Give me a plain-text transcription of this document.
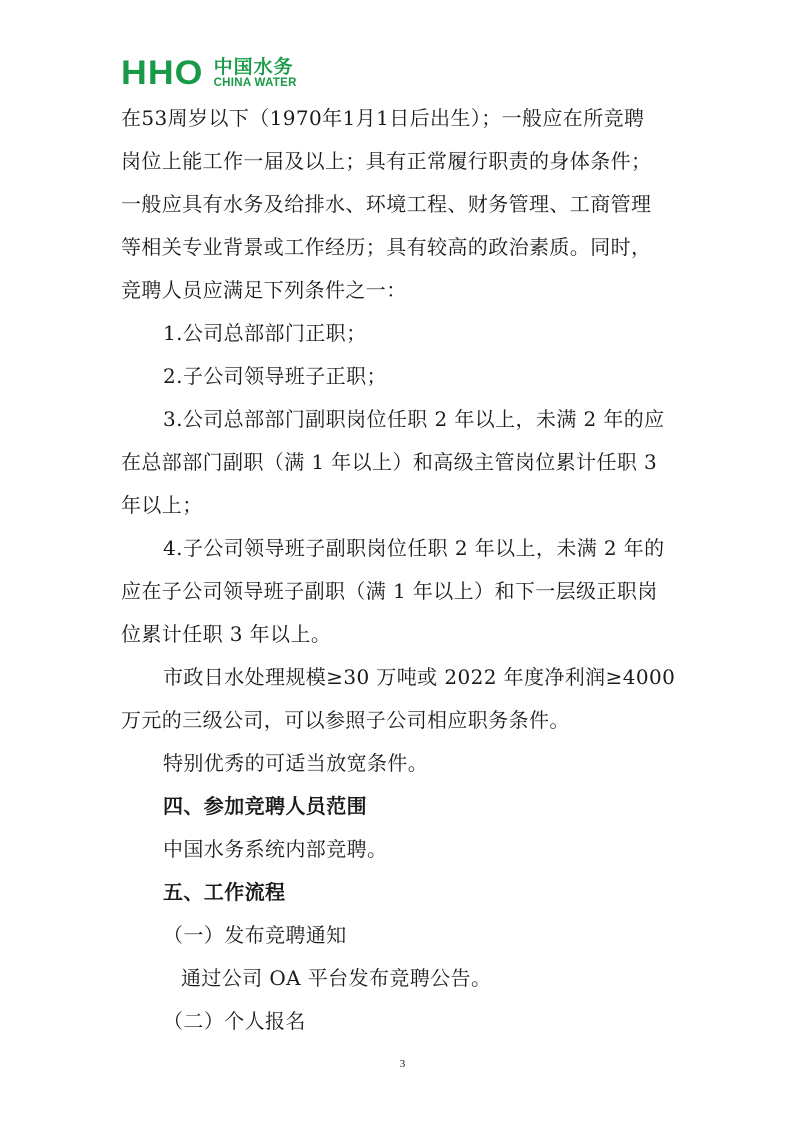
HHO 中国水务
CHINA WATER
在53周岁以下（1970年1月1日后出生）；一般应在所竞聘
岗位上能工作一届及以上；具有正常履行职责的身体条件；
一般应具有水务及给排水、环境工程、财务管理、工商管理
等相关专业背景或工作经历；具有较高的政治素质。同时，
竞聘人员应满足下列条件之一：
1.公司总部部门正职；
2.子公司领导班子正职；
3.公司总部部门副职岗位任职 2 年以上，未满 2 年的应
在总部部门副职（满 1 年以上）和高级主管岗位累计任职 3
年以上；
4.子公司领导班子副职岗位任职 2 年以上，未满 2 年的
应在子公司领导班子副职（满 1 年以上）和下一层级正职岗
位累计任职 3 年以上。
市政日水处理规模≥30 万吨或 2022 年度净利润≥4000
万元的三级公司，可以参照子公司相应职务条件。
特别优秀的可适当放宽条件。
四、参加竞聘人员范围
中国水务系统内部竞聘。
五、工作流程
（一）发布竞聘通知
通过公司 OA 平台发布竞聘公告。
（二）个人报名
3
